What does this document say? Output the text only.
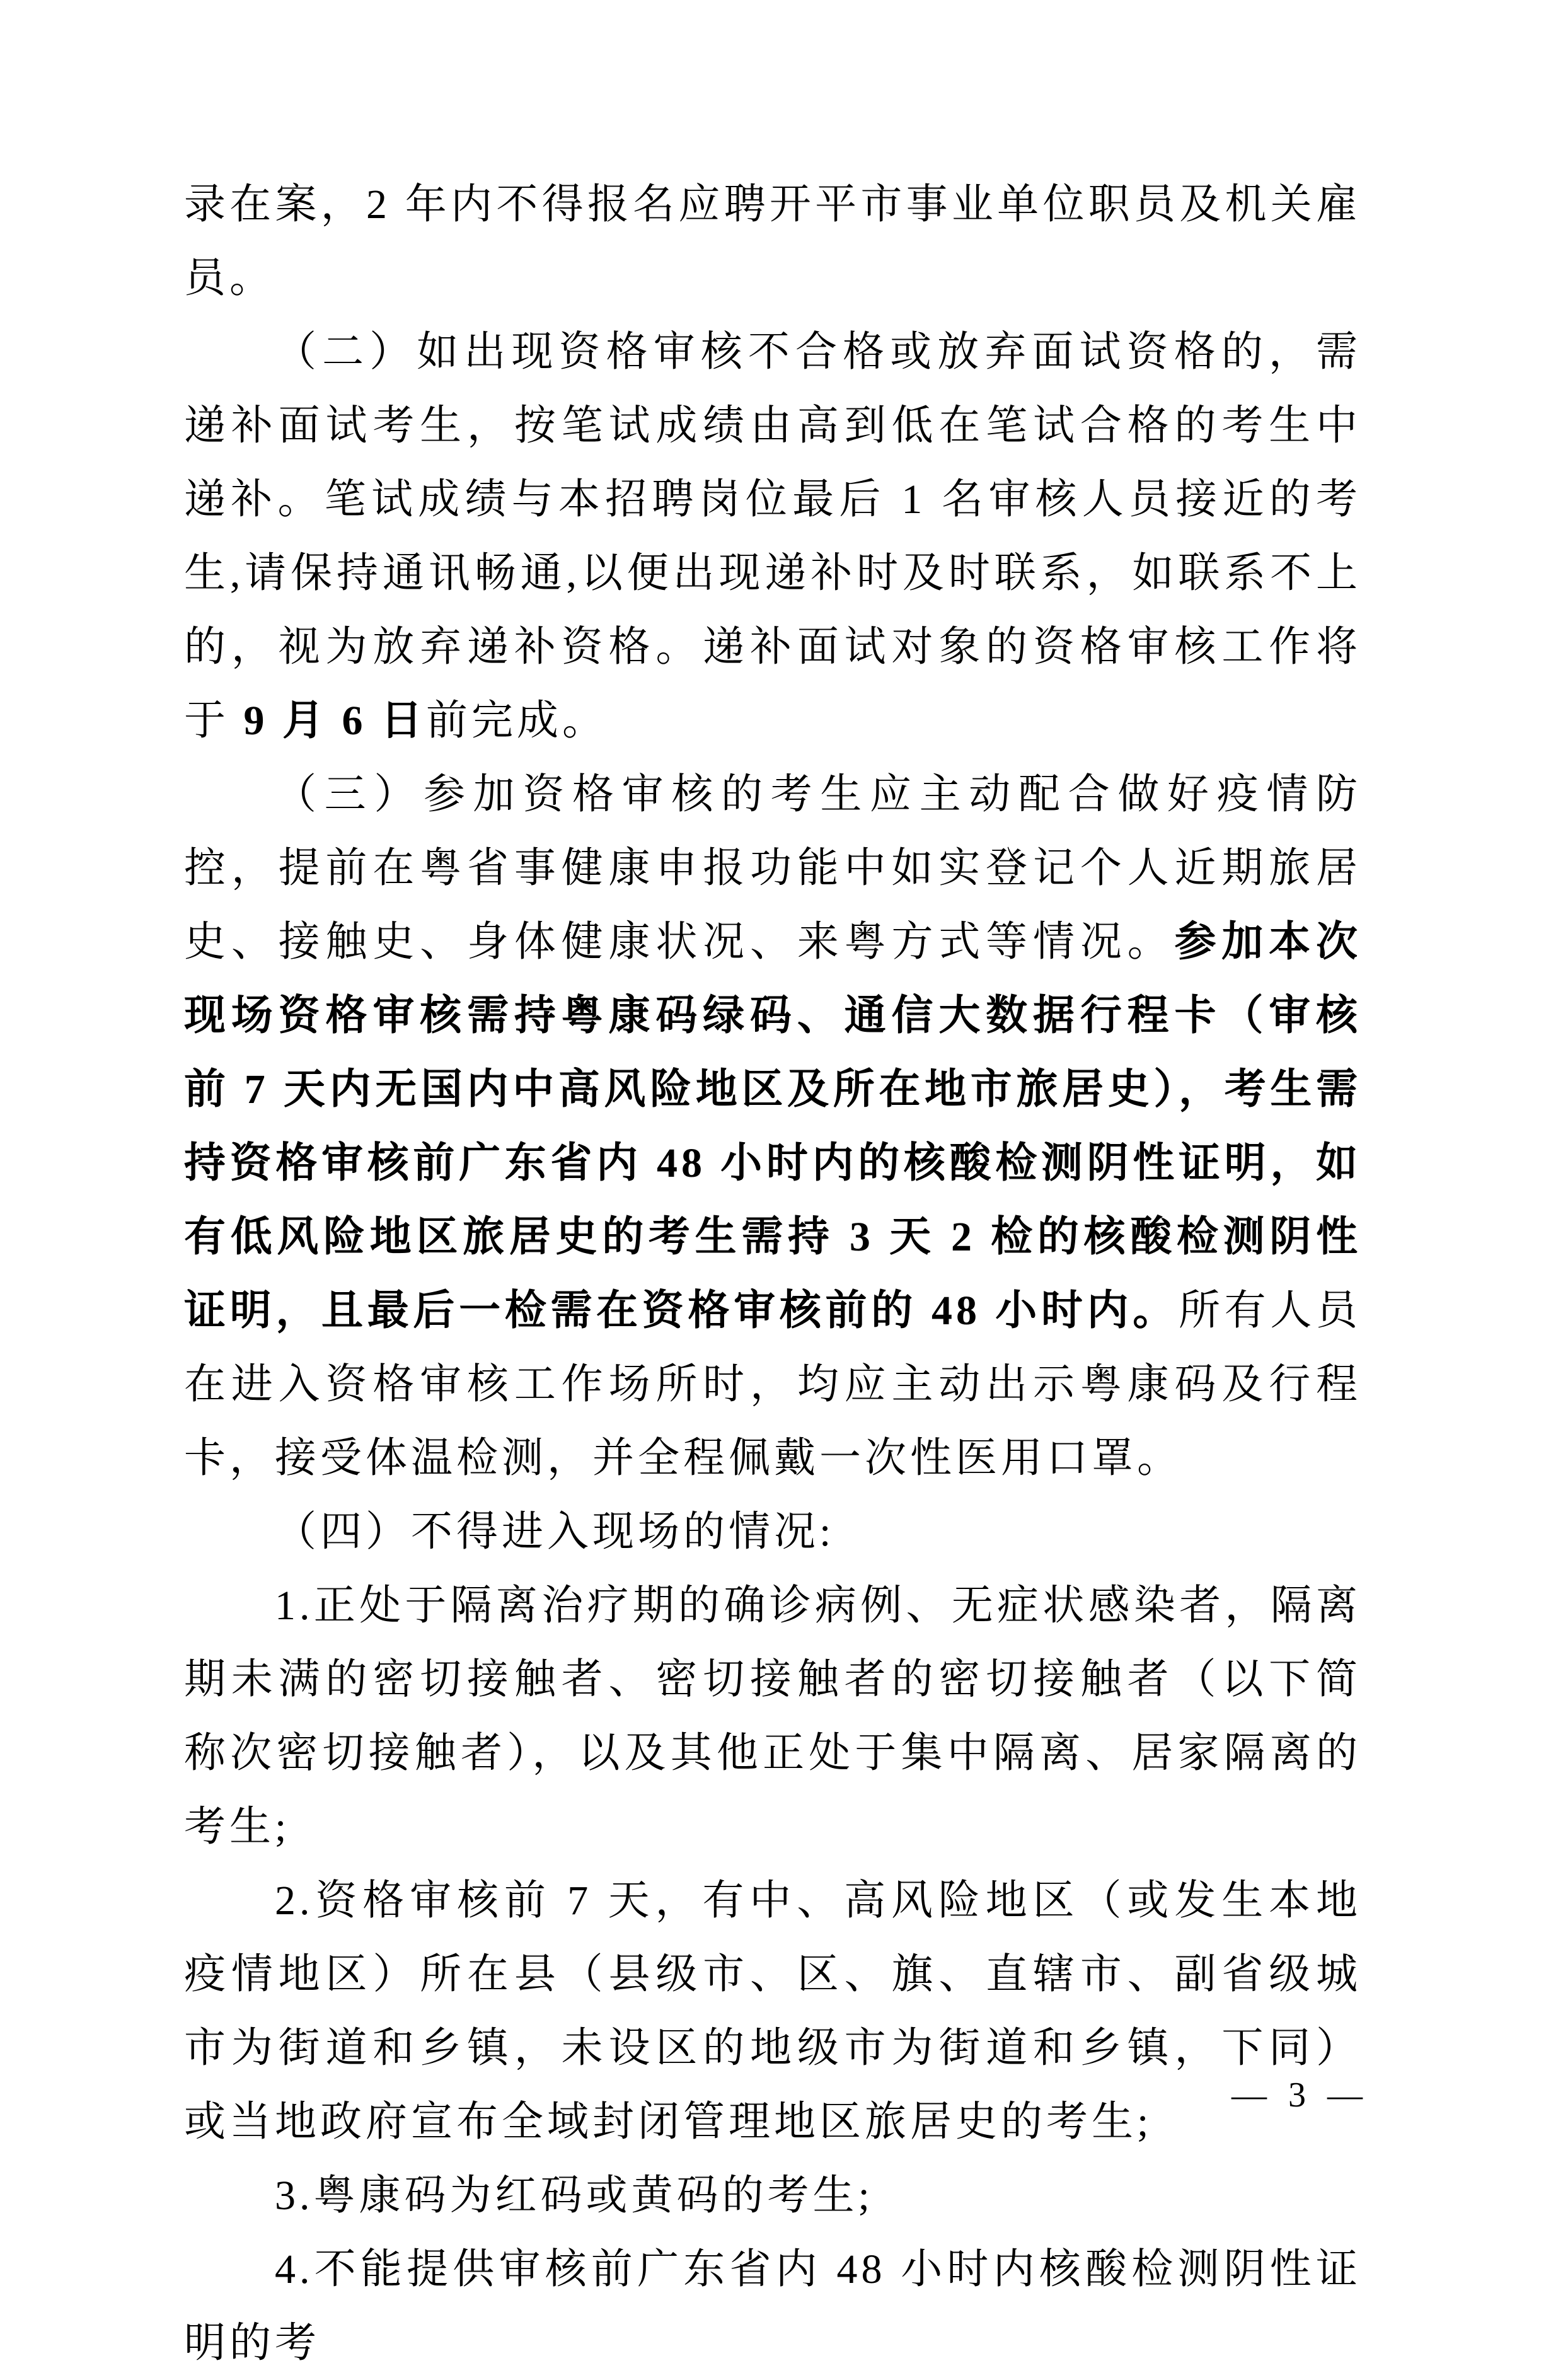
录在案，2 年内不得报名应聘开平市事业单位职员及机关雇员。

（二）如出现资格审核不合格或放弃面试资格的，需递补面试考生，按笔试成绩由高到低在笔试合格的考生中递补。笔试成绩与本招聘岗位最后 1 名审核人员接近的考生,请保持通讯畅通,以便出现递补时及时联系，如联系不上的，视为放弃递补资格。递补面试对象的资格审核工作将于 9 月 6 日前完成。

（三）参加资格审核的考生应主动配合做好疫情防控，提前在粤省事健康申报功能中如实登记个人近期旅居史、接触史、身体健康状况、来粤方式等情况。参加本次现场资格审核需持粤康码绿码、通信大数据行程卡（审核前 7 天内无国内中高风险地区及所在地市旅居史），考生需持资格审核前广东省内 48 小时内的核酸检测阴性证明，如有低风险地区旅居史的考生需持 3 天 2 检的核酸检测阴性证明，且最后一检需在资格审核前的 48 小时内。所有人员在进入资格审核工作场所时，均应主动出示粤康码及行程卡，接受体温检测，并全程佩戴一次性医用口罩。

（四）不得进入现场的情况:

1.正处于隔离治疗期的确诊病例、无症状感染者，隔离期未满的密切接触者、密切接触者的密切接触者（以下简称次密切接触者），以及其他正处于集中隔离、居家隔离的考生;

2.资格审核前 7 天，有中、高风险地区（或发生本地疫情地区）所在县（县级市、区、旗、直辖市、副省级城市为街道和乡镇，未设区的地级市为街道和乡镇，下同）或当地政府宣布全域封闭管理地区旅居史的考生;

3.粤康码为红码或黄码的考生;

4.不能提供审核前广东省内 48 小时内核酸检测阴性证明的考

— 3 —
